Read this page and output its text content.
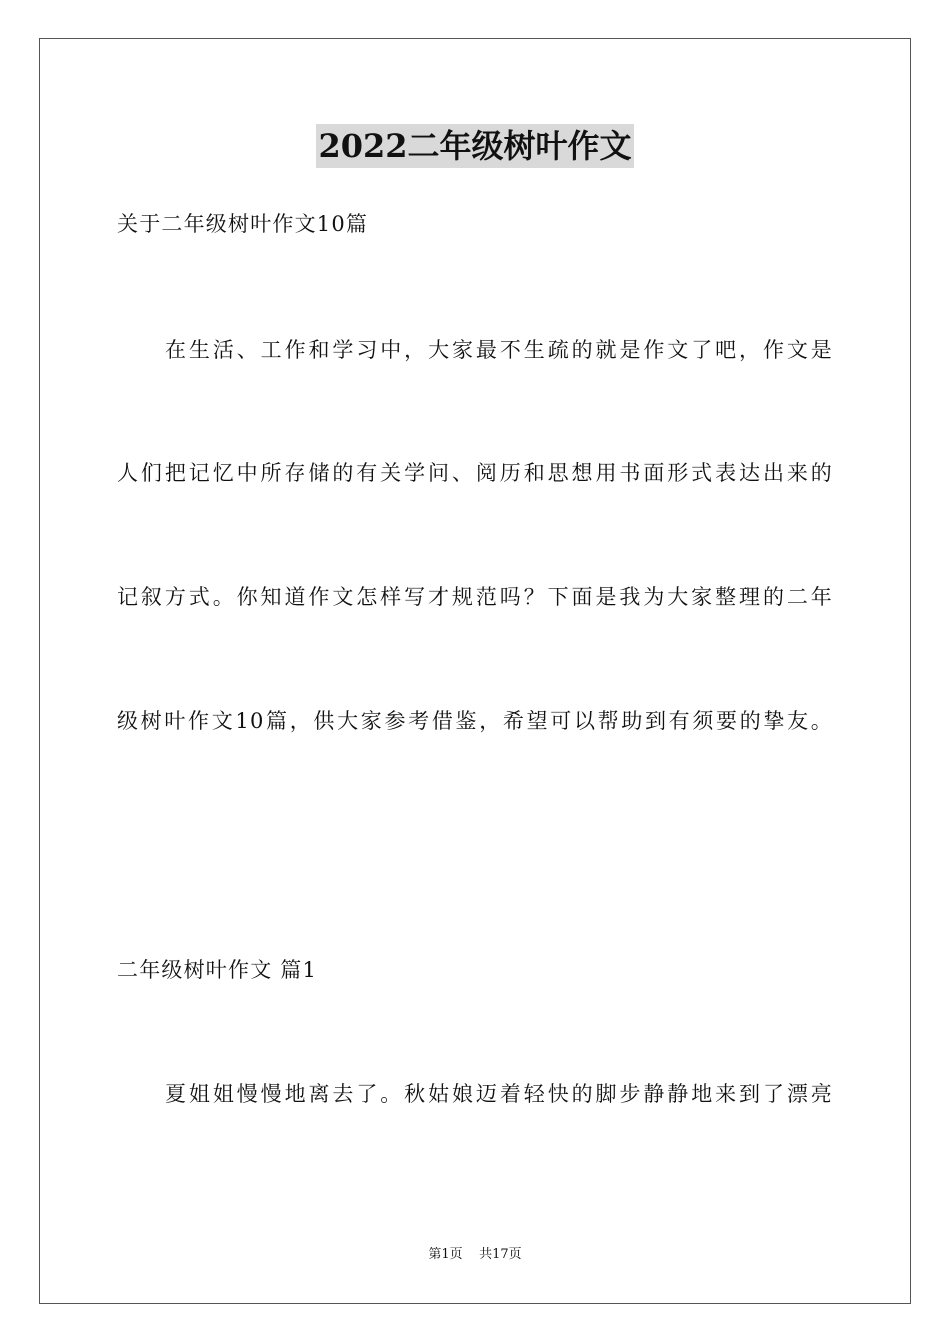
2022二年级树叶作文
关于二年级树叶作文10篇
在生活、工作和学习中，大家最不生疏的就是作文了吧，作文是
人们把记忆中所存储的有关学问、阅历和思想用书面形式表达出来的
记叙方式。你知道作文怎样写才规范吗？下面是我为大家整理的二年
级树叶作文10篇，供大家参考借鉴，希望可以帮助到有须要的挚友。
二年级树叶作文 篇1
夏姐姐慢慢地离去了。秋姑娘迈着轻快的脚步静静地来到了漂亮
第1页 共17页
